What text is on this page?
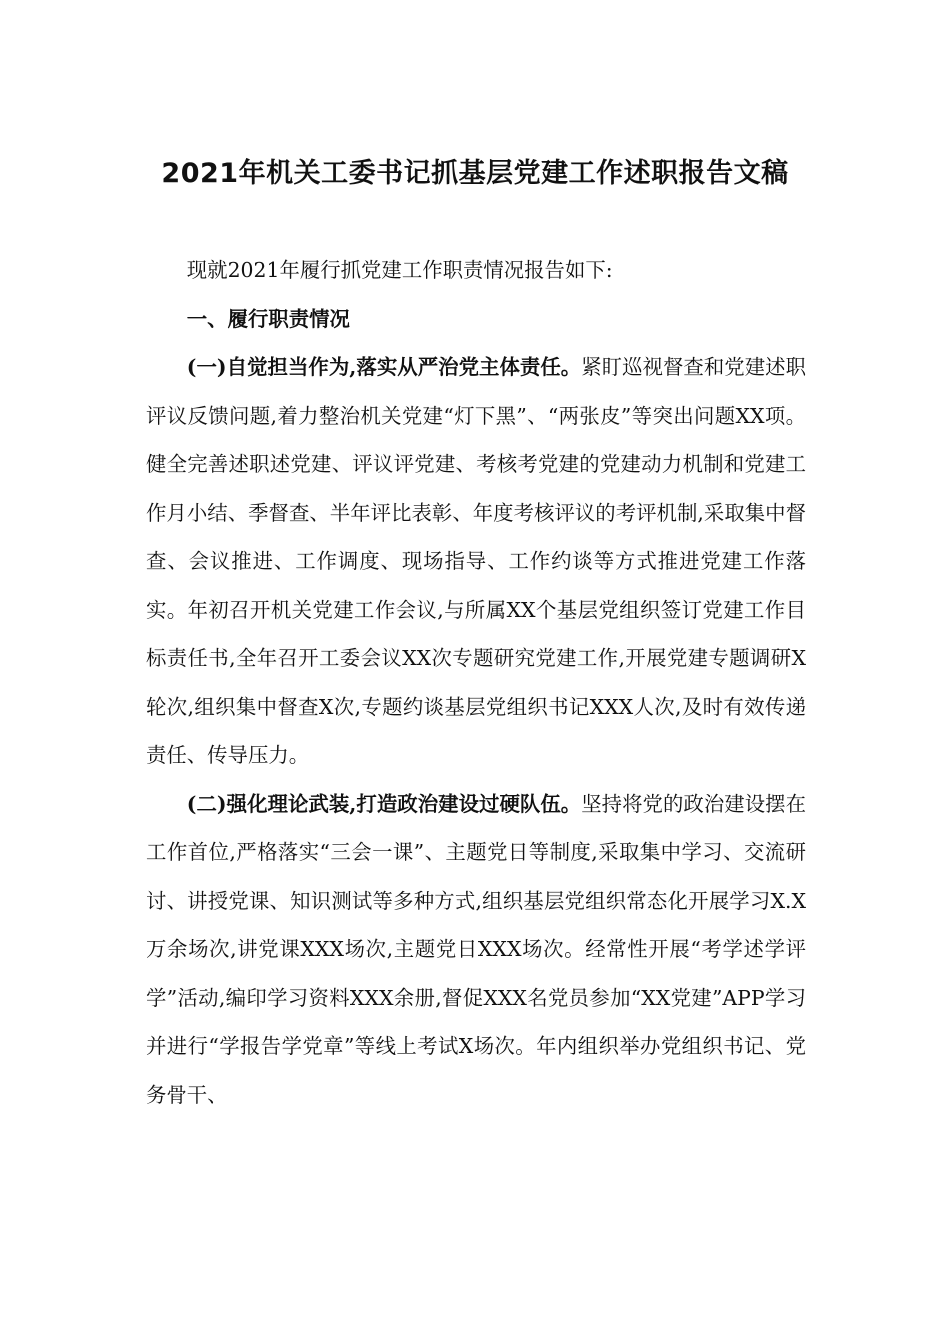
2021年机关工委书记抓基层党建工作述职报告文稿

现就2021年履行抓党建工作职责情况报告如下:

一、履行职责情况

(一)自觉担当作为,落实从严治党主体责任。紧盯巡视督查和党建述职评议反馈问题,着力整治机关党建“灯下黑”、“两张皮”等突出问题XX项。健全完善述职述党建、评议评党建、考核考党建的党建动力机制和党建工作月小结、季督查、半年评比表彰、年度考核评议的考评机制,采取集中督查、会议推进、工作调度、现场指导、工作约谈等方式推进党建工作落实。年初召开机关党建工作会议,与所属XX个基层党组织签订党建工作目标责任书,全年召开工委会议XX次专题研究党建工作,开展党建专题调研X轮次,组织集中督查X次,专题约谈基层党组织书记XXX人次,及时有效传递责任、传导压力。

(二)强化理论武装,打造政治建设过硬队伍。坚持将党的政治建设摆在工作首位,严格落实“三会一课”、主题党日等制度,采取集中学习、交流研讨、讲授党课、知识测试等多种方式,组织基层党组织常态化开展学习X.X万余场次,讲党课XXX场次,主题党日XXX场次。经常性开展“考学述学评学”活动,编印学习资料XXX余册,督促XXX名党员参加“XX党建”APP学习并进行“学报告学党章”等线上考试X场次。年内组织举办党组织书记、党务骨干、
